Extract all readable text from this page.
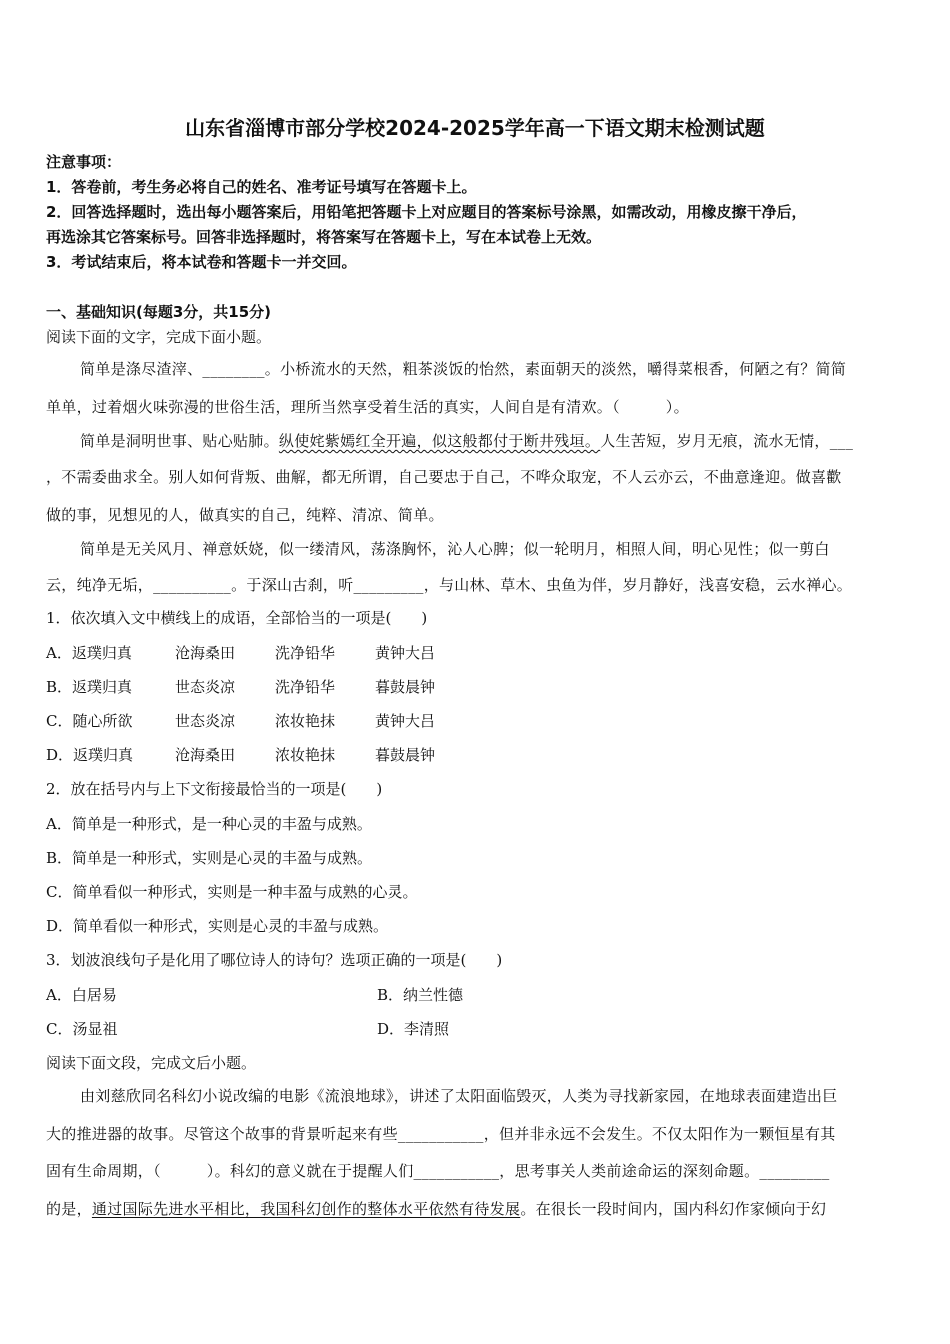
山东省淄博市部分学校2024-2025学年高一下语文期末检测试题
注意事项：
1．答卷前，考生务必将自己的姓名、准考证号填写在答题卡上。
2．回答选择题时，选出每小题答案后，用铅笔把答题卡上对应题目的答案标号涂黑，如需改动，用橡皮擦干净后，
再选涂其它答案标号。回答非选择题时，将答案写在答题卡上，写在本试卷上无效。
3．考试结束后，将本试卷和答题卡一并交回。
一、基础知识(每题3分，共15分)
阅读下面的文字，完成下面小题。
简单是涤尽渣滓、________。小桥流水的天然，粗茶淡饭的怡然，素面朝天的淡然，嚼得菜根香，何陋之有？简简
单单，过着烟火味弥漫的世俗生活，理所当然享受着生活的真实，人间自是有清欢。（　　　）。
简单是洞明世事、贴心贴肺。纵使姹紫嫣红全开遍，似这般都付于断井残垣。人生苦短，岁月无痕，流水无情，___
，不需委曲求全。别人如何背叛、曲解，都无所谓，自己要忠于自己，不哗众取宠，不人云亦云，不曲意逢迎。做喜歡
做的事，见想见的人，做真实的自己，纯粹、清凉、简单。
简单是无关风月、禅意妖娆，似一缕清风，荡涤胸怀，沁人心脾；似一轮明月，相照人间，明心见性；似一剪白
云，纯净无垢，__________。于深山古刹，听_________，与山林、草木、虫鱼为伴，岁月静好，浅喜安稳，云水禅心。
1．依次填入文中横线上的成语，全部恰当的一项是(　　)
A．返璞归真	沧海桑田	洗净铅华	黄钟大吕
B．返璞归真	世态炎凉	洗净铅华	暮鼓晨钟
C．随心所欲	世态炎凉	浓妆艳抹	黄钟大吕
D．返璞归真	沧海桑田	浓妆艳抹	暮鼓晨钟
2．放在括号内与上下文衔接最恰当的一项是(　　)
A．简单是一种形式，是一种心灵的丰盈与成熟。
B．简单是一种形式，实则是心灵的丰盈与成熟。
C．简单看似一种形式，实则是一种丰盈与成熟的心灵。
D．简单看似一种形式，实则是心灵的丰盈与成熟。
3．划波浪线句子是化用了哪位诗人的诗句？选项正确的一项是(　　)
A．白居易	B．纳兰性德
C．汤显祖	D．李清照
阅读下面文段，完成文后小题。
由刘慈欣同名科幻小说改编的电影《流浪地球》，讲述了太阳面临毁灭，人类为寻找新家园，在地球表面建造出巨
大的推进器的故事。尽管这个故事的背景听起来有些___________，但并非永远不会发生。不仅太阳作为一颗恒星有其
固有生命周期，（　　　）。科幻的意义就在于提醒人们___________，思考事关人类前途命运的深刻命题。_________
的是，通过国际先进水平相比，我国科幻创作的整体水平依然有待发展。在很长一段时间内，国内科幻作家倾向于幻
